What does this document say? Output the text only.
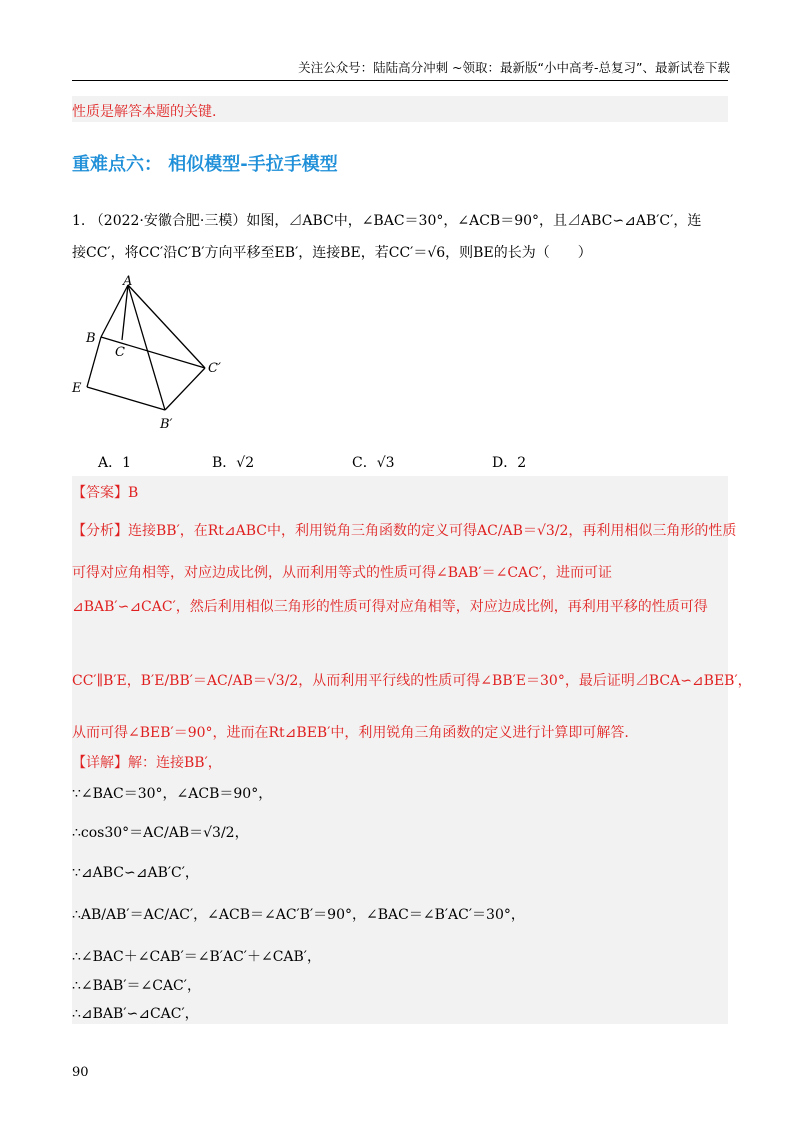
关注公众号：陆陆高分冲刺 ~领取：最新版“小中高考-总复习”、最新试卷下载
性质是解答本题的关键.
重难点六： 相似模型-手拉手模型
1. （2022·安徽合肥·三模）如图，⊿ABC中，∠BAC＝30°，∠ACB＝90°，且⊿ABC∽⊿AB′C′，连
接CC′，将CC′沿C′B′方向平移至EB′，连接BE，若CC′＝√6，则BE的长为（　　）
A
B
C
C′
E
B′
A．1	B．√2	C．√3	D．2
【答案】B
【分析】连接BB′，在Rt⊿ABC中，利用锐角三角函数的定义可得AC/AB＝√3/2，再利用相似三角形的性质
可得对应角相等，对应边成比例，从而利用等式的性质可得∠BAB′＝∠CAC′，进而可证
⊿BAB′∽⊿CAC′，然后利用相似三角形的性质可得对应角相等，对应边成比例，再利用平移的性质可得
CC′∥B′E，B′E/BB′＝AC/AB＝√3/2，从而利用平行线的性质可得∠BB′E＝30°，最后证明⊿BCA∽⊿BEB′，
从而可得∠BEB′＝90°，进而在Rt⊿BEB′中，利用锐角三角函数的定义进行计算即可解答.
【详解】解：连接BB′，
∵∠BAC＝30°，∠ACB＝90°，
∴cos30°＝AC/AB＝√3/2，
∵⊿ABC∽⊿AB′C′，
∴AB/AB′＝AC/AC′，∠ACB＝∠AC′B′＝90°，∠BAC＝∠B′AC′＝30°，
∴∠BAC＋∠CAB′＝∠B′AC′＋∠CAB′，
∴∠BAB′＝∠CAC′，
∴⊿BAB′∽⊿CAC′，
90
